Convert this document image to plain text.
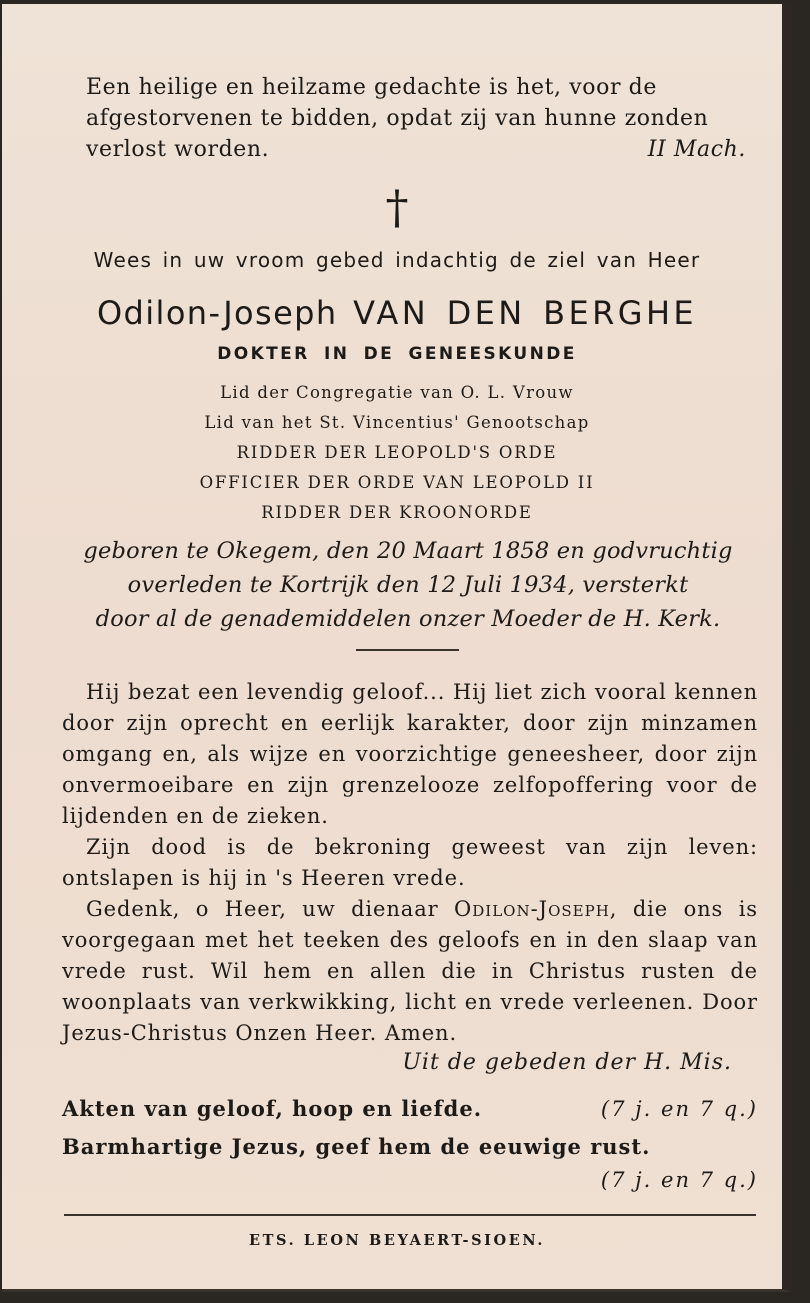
Een heilige en heilzame gedachte is het, voor de
afgestorvenen te bidden, opdat zij van hunne zonden
verlost worden.	II Mach.
†
Wees in uw vroom gebed indachtig de ziel van Heer
Odilon-Joseph VAN DEN BERGHE
DOKTER IN DE GENEESKUNDE
Lid der Congregatie van O. L. Vrouw
Lid van het St. Vincentius' Genootschap
RIDDER DER LEOPOLD'S ORDE
OFFICIER DER ORDE VAN LEOPOLD II
RIDDER DER KROONORDE
geboren te Okegem, den 20 Maart 1858 en godvruchtig
overleden te Kortrijk den 12 Juli 1934, versterkt
door al de genademiddelen onzer Moeder de H. Kerk.

Hij bezat een levendig geloof... Hij liet zich vooral kennen door zijn oprecht en eerlijk karakter, door zijn minzamen omgang en, als wijze en voorzichtige geneesheer, door zijn onvermoeibare en zijn grenzelooze zelfopoffering voor de lijdenden en de zieken.

Zijn dood is de bekroning geweest van zijn leven: ontslapen is hij in 's Heeren vrede.

Gedenk, o Heer, uw dienaar Odilon-Joseph, die ons is voorgegaan met het teeken des geloofs en in den slaap van vrede rust. Wil hem en allen die in Christus rusten de woonplaats van verkwikking, licht en vrede verleenen. Door Jezus-Christus Onzen Heer. Amen.

Uit de gebeden der H. Mis.
Akten van geloof, hoop en liefde.	(7 j. en 7 q.)
Barmhartige Jezus, geef hem de eeuwige rust.
(7 j. en 7 q.)
ETS. LEON BEYAERT-SIOEN.
